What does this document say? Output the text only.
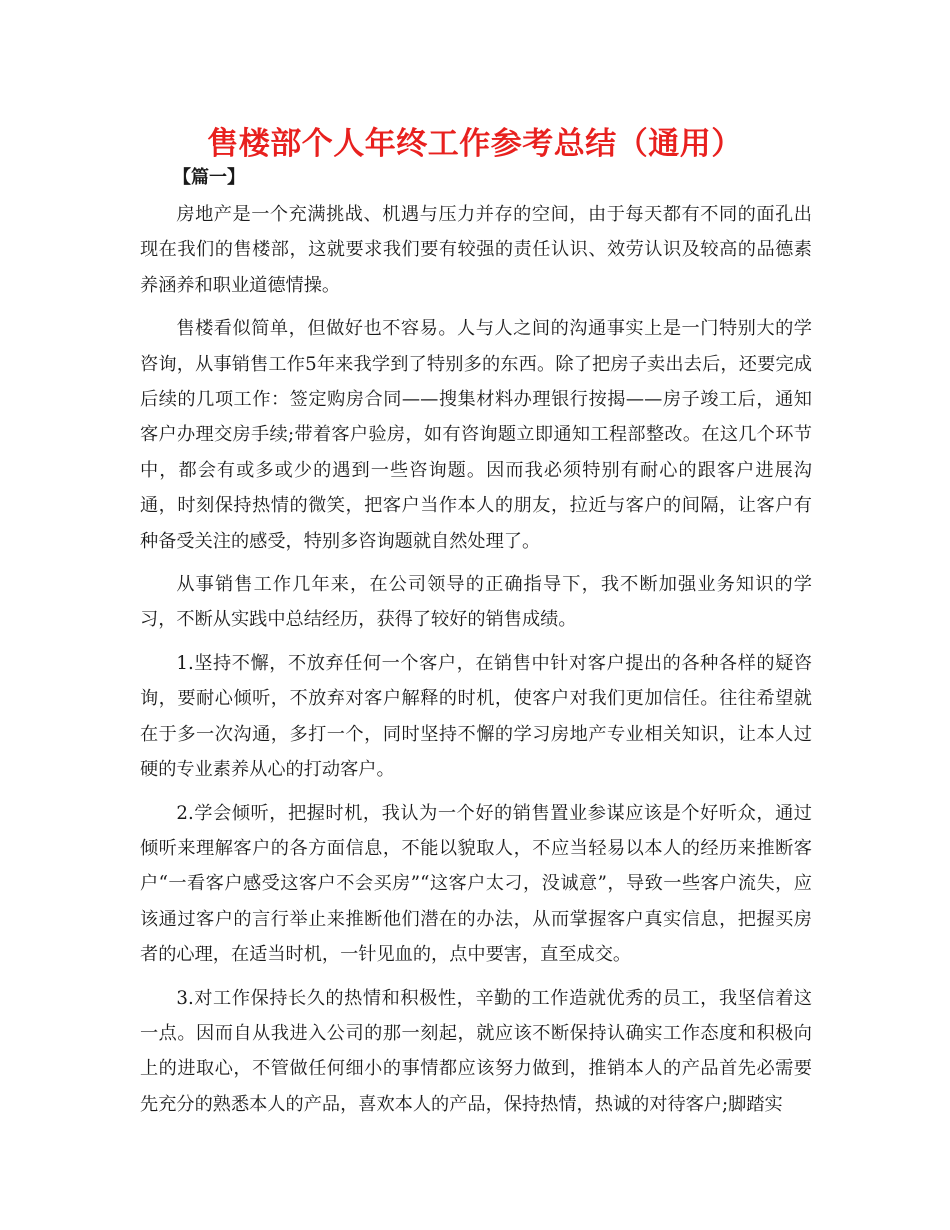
售楼部个人年终工作参考总结（通用）
【篇一】

房地产是一个充满挑战、机遇与压力并存的空间，由于每天都有不同的面孔出现在我们的售楼部，这就要求我们要有较强的责任认识、效劳认识及较高的品德素养涵养和职业道德情操。

售楼看似简单，但做好也不容易。人与人之间的沟通事实上是一门特别大的学咨询，从事销售工作5年来我学到了特别多的东西。除了把房子卖出去后，还要完成后续的几项工作：签定购房合同——搜集材料办理银行按揭——房子竣工后，通知客户办理交房手续;带着客户验房，如有咨询题立即通知工程部整改。在这几个环节中，都会有或多或少的遇到一些咨询题。因而我必须特别有耐心的跟客户进展沟通，时刻保持热情的微笑，把客户当作本人的朋友，拉近与客户的间隔，让客户有种备受关注的感受，特别多咨询题就自然处理了。

从事销售工作几年来，在公司领导的正确指导下，我不断加强业务知识的学习，不断从实践中总结经历，获得了较好的销售成绩。

1.坚持不懈，不放弃任何一个客户，在销售中针对客户提出的各种各样的疑咨询，要耐心倾听，不放弃对客户解释的时机，使客户对我们更加信任。往往希望就在于多一次沟通，多打一个，同时坚持不懈的学习房地产专业相关知识，让本人过硬的专业素养从心的打动客户。

2.学会倾听，把握时机，我认为一个好的销售置业参谋应该是个好听众，通过倾听来理解客户的各方面信息，不能以貌取人，不应当轻易以本人的经历来推断客户“一看客户感受这客户不会买房”“这客户太刁，没诚意”，导致一些客户流失，应该通过客户的言行举止来推断他们潜在的办法，从而掌握客户真实信息，把握买房者的心理，在适当时机，一针见血的，点中要害，直至成交。

3.对工作保持长久的热情和积极性，辛勤的工作造就优秀的员工，我坚信着这一点。因而自从我进入公司的那一刻起，就应该不断保持认确实工作态度和积极向上的进取心，不管做任何细小的事情都应该努力做到，推销本人的产品首先必需要先充分的熟悉本人的产品，喜欢本人的产品，保持热情，热诚的对待客户;脚踏实
